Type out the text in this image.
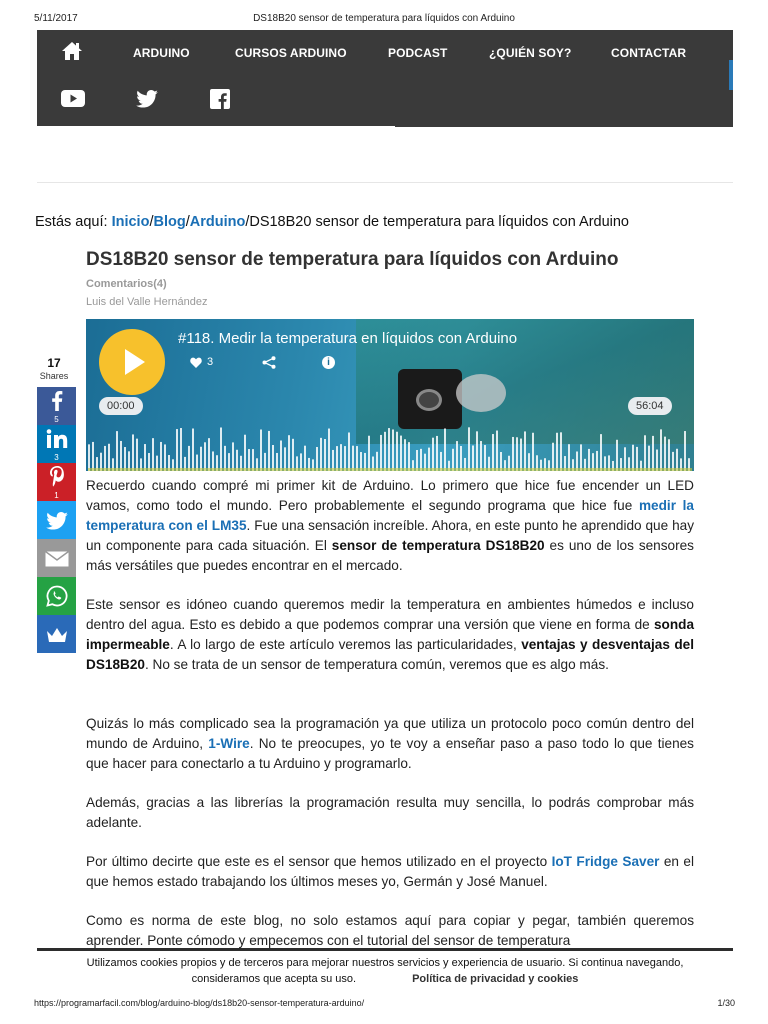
5/11/2017	DS18B20 sensor de temperatura para líquidos con Arduino
ARDUINO	CURSOS ARDUINO	PODCAST	¿QUIÉN SOY?	CONTACTAR
Estás aquí: Inicio/Blog/Arduino/DS18B20 sensor de temperatura para líquidos con Arduino
DS18B20 sensor de temperatura para líquidos con Arduino
Comentarios(4)
Luis del Valle Hernández
17
Shares
5
3
1
#118. Medir la temperatura en líquidos con Arduino
3	i
00:00	56:04

Recuerdo cuando compré mi primer kit de Arduino. Lo primero que hice fue encender un LED vamos, como todo el mundo. Pero probablemente el segundo programa que hice fue medir la temperatura con el LM35. Fue una sensación increíble. Ahora, en este punto he aprendido que hay un componente para cada situación. El sensor de temperatura DS18B20 es uno de los sensores más versátiles que puedes encontrar en el mercado.

Este sensor es idóneo cuando queremos medir la temperatura en ambientes húmedos e incluso dentro del agua. Esto es debido a que podemos comprar una versión que viene en forma de sonda impermeable. A lo largo de este artículo veremos las particularidades, ventajas y desventajas del DS18B20. No se trata de un sensor de temperatura común, veremos que es algo más.

Quizás lo más complicado sea la programación ya que utiliza un protocolo poco común dentro del mundo de Arduino, 1-Wire. No te preocupes, yo te voy a enseñar paso a paso todo lo que tienes que hacer para conectarlo a tu Arduino y programarlo.

Además, gracias a las librerías la programación resulta muy sencilla, lo podrás comprobar más adelante.

Por último decirte que este es el sensor que hemos utilizado en el proyecto IoT Fridge Saver en el que hemos estado trabajando los últimos meses yo, Germán y José Manuel.

Como es norma de este blog, no solo estamos aquí para copiar y pegar, también queremos aprender. Ponte cómodo y empecemos con el tutorial del sensor de temperatura

Utilizamos cookies propios y de terceros para mejorar nuestros servicios y experiencia de usuario. Si continua navegando,
consideramos que acepta su uso.	Política de privacidad y cookies
https://programarfacil.com/blog/arduino-blog/ds18b20-sensor-temperatura-arduino/	1/30
